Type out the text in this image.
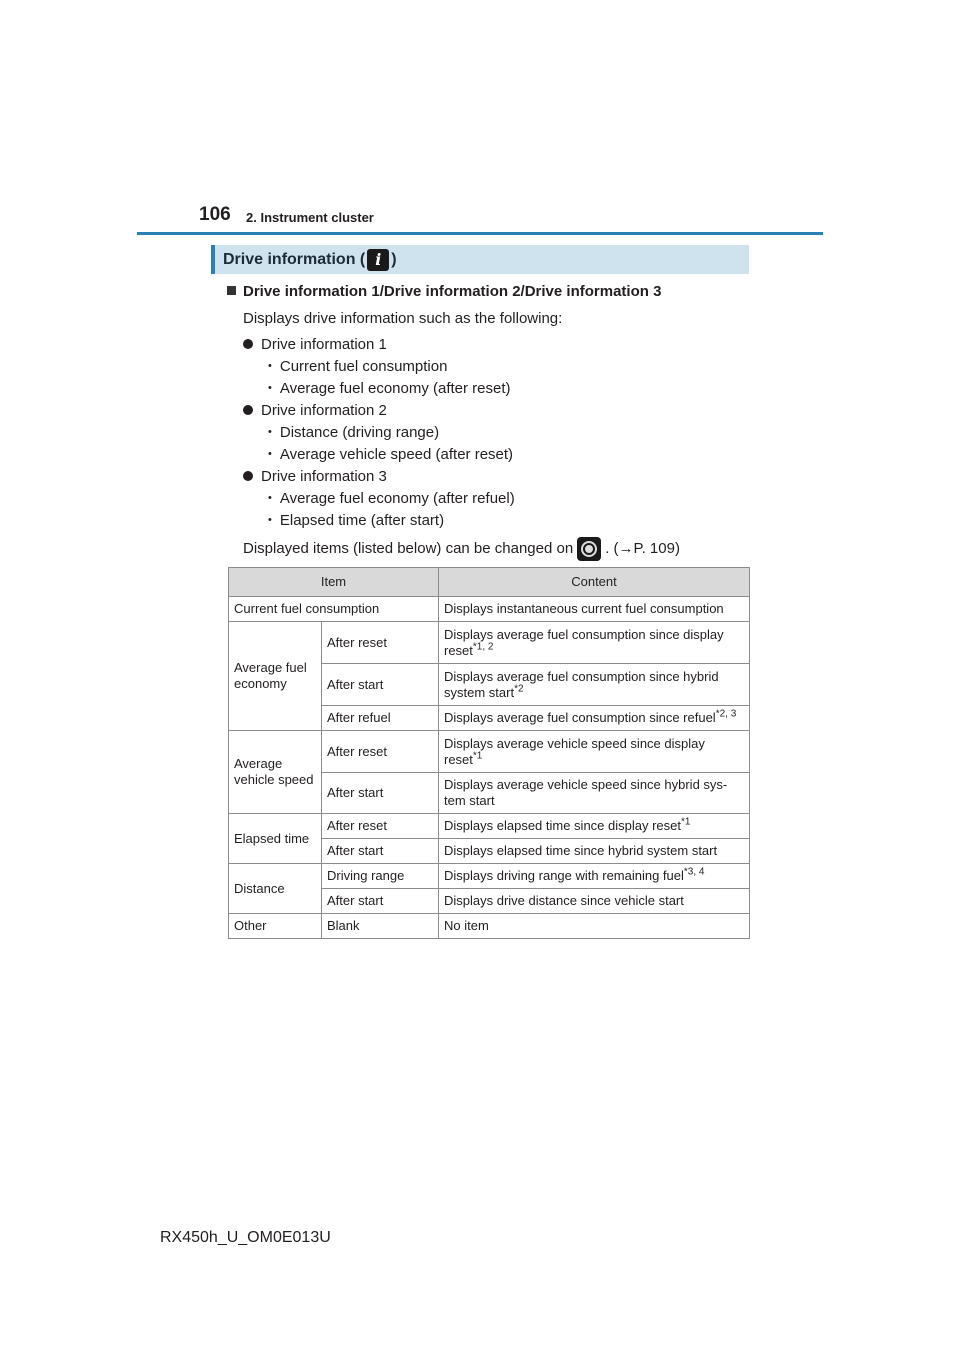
106 2. Instrument cluster
Drive information ( i )
Drive information 1/Drive information 2/Drive information 3
Displays drive information such as the following:
Drive information 1
• Current fuel consumption
• Average fuel economy (after reset)
Drive information 2
• Distance (driving range)
• Average vehicle speed (after reset)
Drive information 3
• Average fuel economy (after refuel)
• Elapsed time (after start)
Displayed items (listed below) can be changed on . (→P. 109)
Item		Content
Current fuel consumption		Displays instantaneous current fuel consumption
Average fuel economy	After reset	Displays average fuel consumption since display reset$^{*1, 2}$
	After start	Displays average fuel consumption since hybrid system start$^{*2}$
	After refuel	Displays average fuel consumption since refuel$^{*2, 3}$
Average vehicle speed	After reset	Displays average vehicle speed since display reset$^{*1}$
	After start	Displays average vehicle speed since hybrid sys-tem start
Elapsed time	After reset	Displays elapsed time since display reset$^{*1}$
	After start	Displays elapsed time since hybrid system start
Distance	Driving range	Displays driving range with remaining fuel$^{*3, 4}$
	After start	Displays drive distance since vehicle start
Other	Blank	No item
RX450h_U_OM0E013U
